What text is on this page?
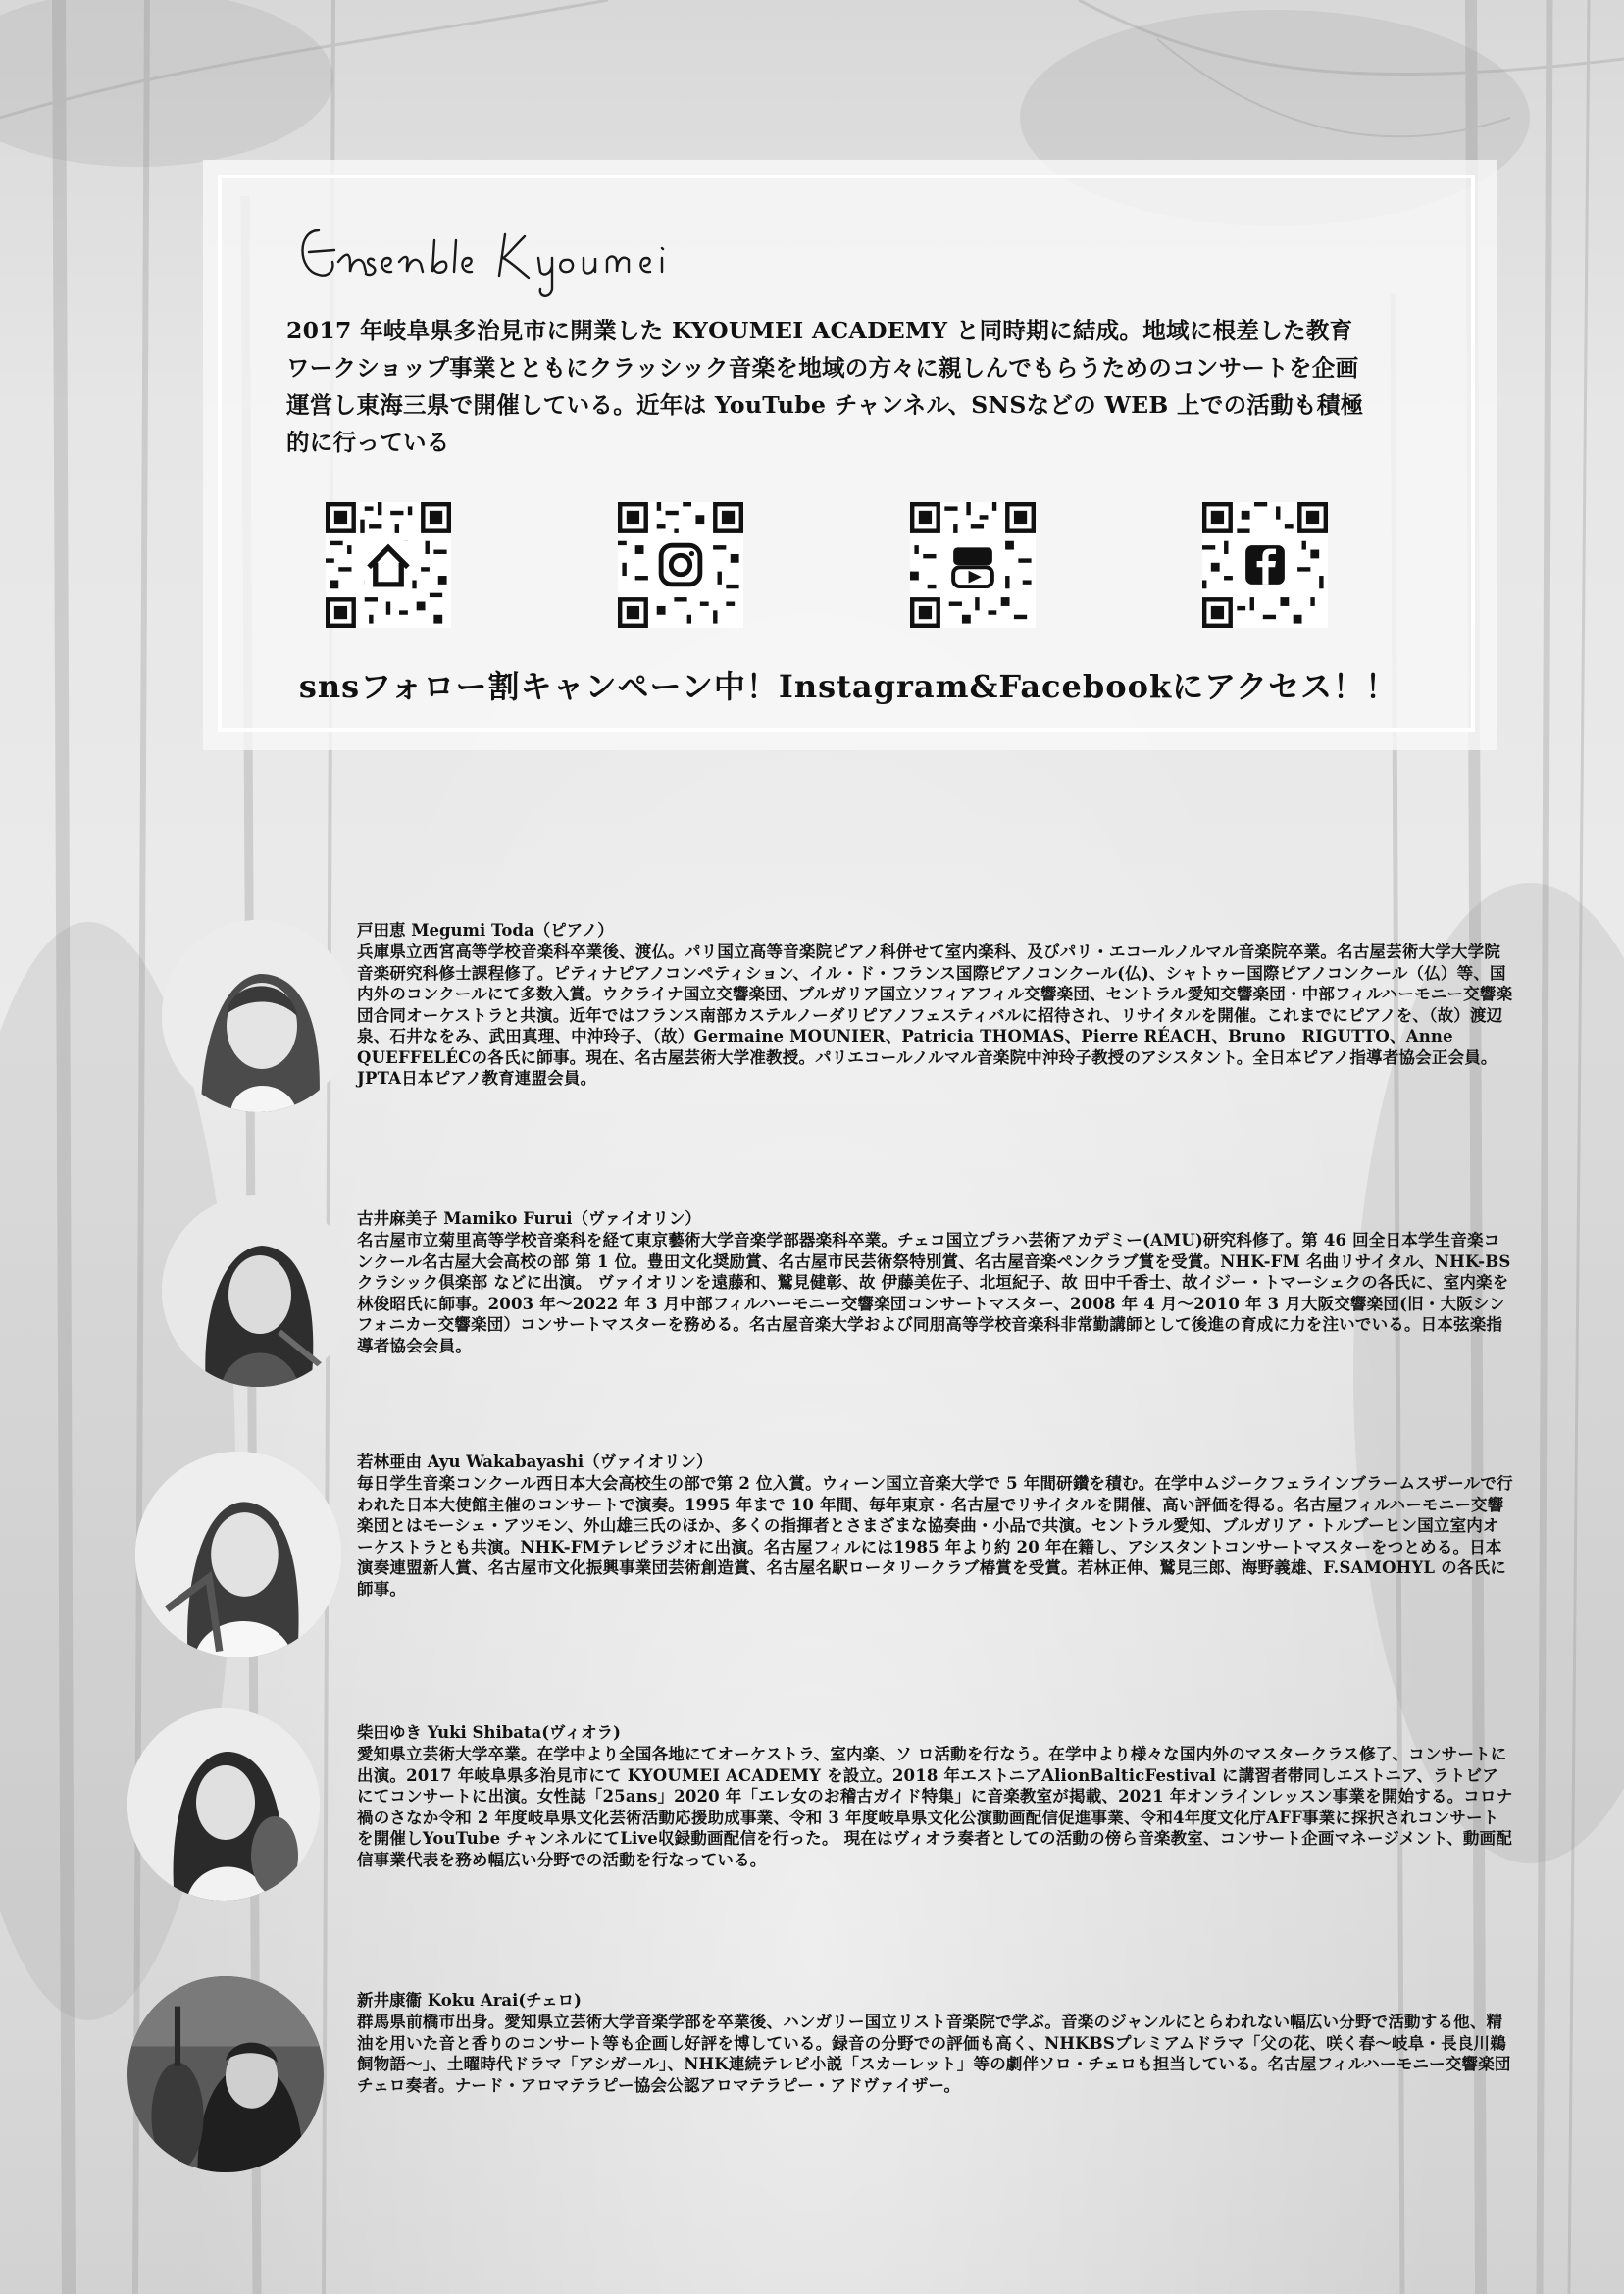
2017 年岐阜県多治見市に開業した KYOUMEI ACADEMY と同時期に結成。地域に根差した教育ワークショップ事業とともにクラッシック音楽を地域の方々に親しんでもらうためのコンサートを企画運営し東海三県で開催している。近年は YouTube チャンネル、SNSなどの WEB 上での活動も積極的に行っている

snsフォロー割キャンペーン中！Instagram&Facebookにアクセス！！

戸田恵 Megumi Toda（ピアノ）

兵庫県立西宮高等学校音楽科卒業後、渡仏。パリ国立高等音楽院ピアノ科併せて室内楽科、及びパリ・エコールノルマル音楽院卒業。名古屋芸術大学大学院音楽研究科修士課程修了。ピティナピアノコンペティション、イル・ド・フランス国際ピアノコンクール(仏)、シャトゥー国際ピアノコンクール（仏）等、国内外のコンクールにて多数入賞。ウクライナ国立交響楽団、ブルガリア国立ソフィアフィル交響楽団、セントラル愛知交響楽団・中部フィルハーモニー交響楽団合同オーケストラと共演。近年ではフランス南部カステルノーダリピアノフェスティバルに招待され、リサイタルを開催。これまでにピアノを、（故）渡辺泉、石井なをみ、武田真理、中沖玲子、（故）Germaine MOUNIER、Patricia THOMAS、Pierre RÉACH、Bruno　RIGUTTO、Anne QUEFFELÉCの各氏に師事。現在、名古屋芸術大学准教授。パリエコールノルマル音楽院中沖玲子教授のアシスタント。全日本ピアノ指導者協会正会員。JPTA日本ピアノ教育連盟会員。

古井麻美子 Mamiko Furui（ヴァイオリン）

名古屋市立菊里高等学校音楽科を経て東京藝術大学音楽学部器楽科卒業。チェコ国立プラハ芸術アカデミー(AMU)研究科修了。第 46 回全日本学生音楽コンクール名古屋大会高校の部 第 1 位。豊田文化奨励賞、名古屋市民芸術祭特別賞、名古屋音楽ペンクラブ賞を受賞。NHK-FM 名曲リサイタル、NHK-BS クラシック倶楽部 などに出演。 ヴァイオリンを遠藤和、鷲見健彰、故 伊藤美佐子、北垣紀子、故 田中千香士、故イジー・トマーシェクの各氏に、室内楽を林俊昭氏に師事。2003 年〜2022 年 3 月中部フィルハーモニー交響楽団コンサートマスター、2008 年 4 月〜2010 年 3 月大阪交響楽団(旧・大阪シンフォニカー交響楽団）コンサートマスターを務める。名古屋音楽大学および同朋高等学校音楽科非常勤講師として後進の育成に力を注いでいる。日本弦楽指導者協会会員。

若林亜由 Ayu Wakabayashi（ヴァイオリン）

毎日学生音楽コンクール西日本大会高校生の部で第 2 位入賞。ウィーン国立音楽大学で 5 年間研鑽を積む。在学中ムジークフェラインブラームスザールで行われた日本大使館主催のコンサートで演奏。1995 年まで 10 年間、毎年東京・名古屋でリサイタルを開催、高い評価を得る。名古屋フィルハーモニー交響楽団とはモーシェ・アツモン、外山雄三氏のほか、多くの指揮者とさまざまな協奏曲・小品で共演。セントラル愛知、ブルガリア・トルブーヒン国立室内オーケストラとも共演。NHK-FMテレビラジオに出演。名古屋フィルには1985 年より約 20 年在籍し、アシスタントコンサートマスターをつとめる。日本演奏連盟新人賞、名古屋市文化振興事業団芸術創造賞、名古屋名駅ロータリークラブ椿賞を受賞。若林正伸、鷲見三郎、海野義雄、F.SAMOHYL の各氏に師事。

柴田ゆき Yuki Shibata(ヴィオラ)

愛知県立芸術大学卒業。在学中より全国各地にてオーケストラ、室内楽、ソ ロ活動を行なう。在学中より様々な国内外のマスタークラス修了、コンサートに 出演。2017 年岐阜県多治見市にて KYOUMEI ACADEMY を設立。2018 年エストニアAlionBalticFestival に講習者帯同しエストニア、ラトビアにてコンサートに出演。女性誌「25ans」2020 年「エレ女のお稽古ガイド特集」に音楽教室が掲載、2021 年オンラインレッスン事業を開始する。コロナ禍のさなか令和 2 年度岐阜県文化芸術活動応援助成事業、令和 3 年度岐阜県文化公演動画配信促進事業、令和4年度文化庁AFF事業に採択されコンサートを開催しYouTube チャンネルにてLive収録動画配信を行った。 現在はヴィオラ奏者としての活動の傍ら音楽教室、コンサート企画マネージメント、動画配信事業代表を務め幅広い分野での活動を行なっている。

新井康衞 Koku Arai(チェロ)

群馬県前橋市出身。愛知県立芸術大学音楽学部を卒業後、ハンガリー国立リスト音楽院で学ぶ。音楽のジャンルにとらわれない幅広い分野で活動する他、精油を用いた音と香りのコンサート等も企画し好評を博している。録音の分野での評価も高く、NHKBSプレミアムドラマ「父の花、咲く春〜岐阜・長良川鵜飼物語〜」、土曜時代ドラマ「アシガール」、NHK連続テレビ小説「スカーレット」等の劇伴ソロ・チェロも担当している。名古屋フィルハーモニー交響楽団チェロ奏者。ナード・アロマテラピー協会公認アロマテラピー・アドヴァイザー。
